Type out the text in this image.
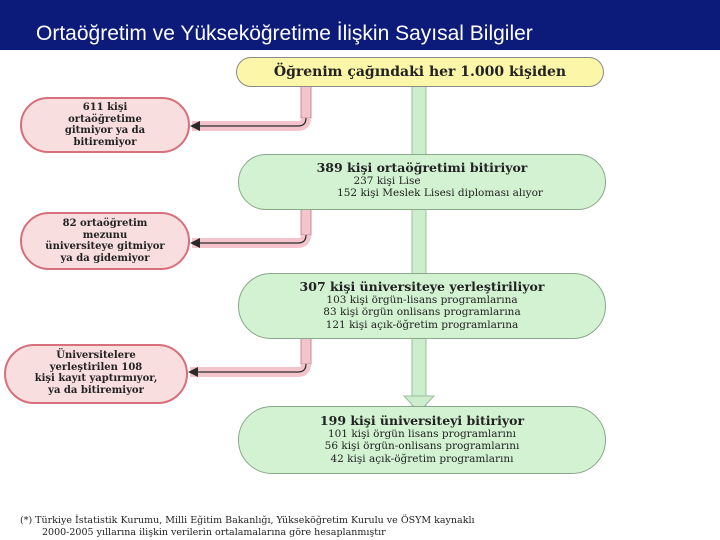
Ortaöğretim ve Yükseköğretime İlişkin Sayısal Bilgiler
Öğrenim çağındaki her 1.000 kişiden
389 kişi ortaöğretimi bitiriyor
237 kişi Lise
152 kişi Meslek Lisesi diploması alıyor
307 kişi üniversiteye yerleştiriliyor
103 kişi örgün-lisans programlarına
83 kişi örgün onlisans programlarına
121 kişi açık-öğretim programlarına
199 kişi üniversiteyi bitiriyor
101 kişi örgün lisans programlarını
56 kişi örgün-onlisans programlarını
42 kişi açık-öğretim programlarını
611 kişi
ortaöğretime
gitmiyor ya da
bitiremiyor
82 ortaöğretim
mezunu
üniversiteye gitmiyor
ya da gidemiyor
Üniversitelere
yerleştirilen 108
kişi kayıt yaptırmıyor,
ya da bitiremiyor
(*) Türkiye İstatistik Kurumu, Milli Eğitim Bakanlığı, Yükseköğretim Kurulu ve ÖSYM kaynaklı
2000-2005 yıllarına ilişkin verilerin ortalamalarına göre hesaplanmıştır
